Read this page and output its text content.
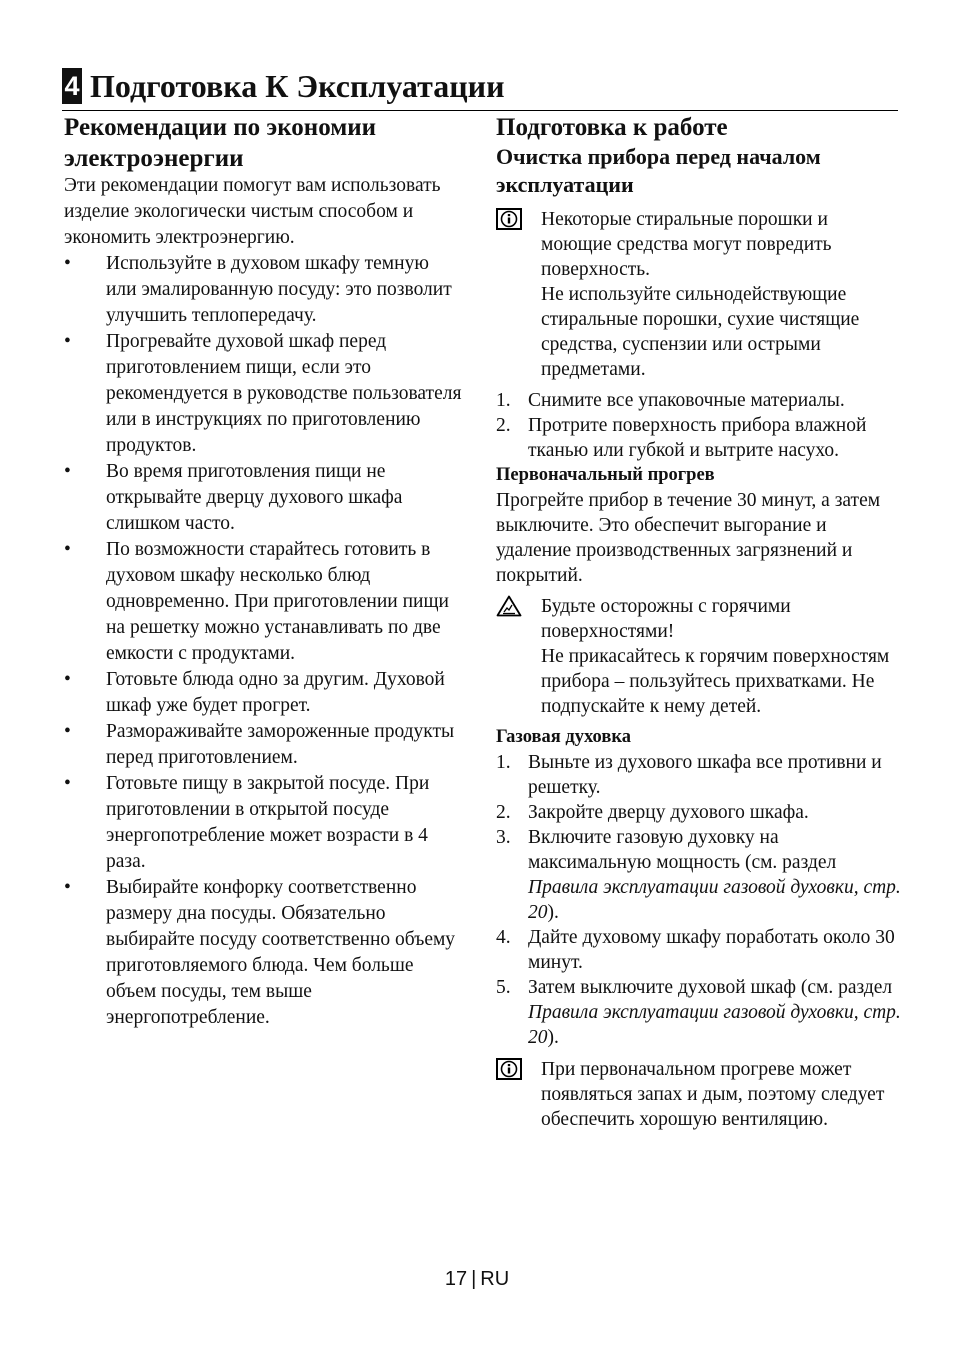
4 Подготовка К Эксплуатации
Рекомендации по экономии
электроэнергии

Эти рекомендации помогут вам использовать изделие экологически чистым способом и экономить электроэнергию.

• Используйте в духовом шкафу темную или эмалированную посуду: это позволит улучшить теплопередачу.
• Прогревайте духовой шкаф перед приготовлением пищи, если это рекомендуется в руководстве пользователя или в инструкциях по приготовлению продуктов.
• Во время приготовления пищи не открывайте дверцу духового шкафа слишком часто.
• По возможности старайтесь готовить в духовом шкафу несколько блюд одновременно. При приготовлении пищи на решетку можно устанавливать по две емкости с продуктами.
• Готовьте блюда одно за другим. Духовой шкаф уже будет прогрет.
• Размораживайте замороженные продукты перед приготовлением.
• Готовьте пищу в закрытой посуде. При приготовлении в открытой посуде энергопотребление может возрасти в 4 раза.
• Выбирайте конфорку соответственно размеру дна посуды. Обязательно выбирайте посуду соответственно объему приготовляемого блюда. Чем больше объем посуды, тем выше энергопотребление.
Подготовка к работе
Очистка прибора перед началом эксплуатации
Некоторые стиральные порошки и моющие средства могут повредить поверхность.
Не используйте сильнодействующие стиральные порошки, сухие чистящие средства, суспензии или острыми предметами.
1. Снимите все упаковочные материалы.
2. Протрите поверхность прибора влажной тканью или губкой и вытрите насухо.
Первоначальный прогрев

Прогрейте прибор в течение 30 минут, а затем выключите. Это обеспечит выгорание и удаление производственных загрязнений и покрытий.

Будьте осторожны с горячими поверхностями!
Не прикасайтесь к горячим поверхностям прибора – пользуйтесь прихватками. Не подпускайте к нему детей.
Газовая духовка
1. Выньте из духового шкафа все противни и решетку.
2. Закройте дверцу духового шкафа.
3. Включите газовую духовку на максимальную мощность (см. раздел Правила эксплуатации газовой духовки, стр. 20).
4. Дайте духовому шкафу поработать около 30 минут.
5. Затем выключите духовой шкаф (см. раздел Правила эксплуатации газовой духовки, стр. 20).
При первоначальном прогреве может появляться запах и дым, поэтому следует обеспечить хорошую вентиляцию.
17 | RU
